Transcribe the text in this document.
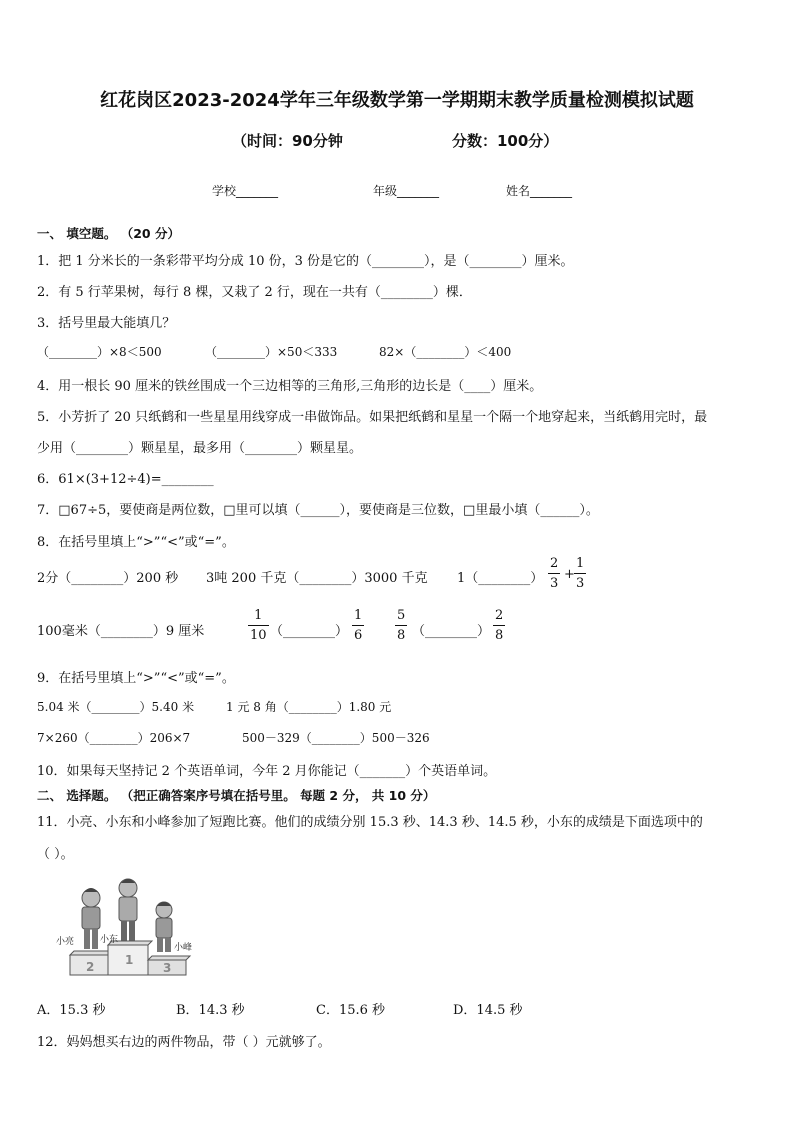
红花岗区2023-2024学年三年级数学第一学期期末教学质量检测模拟试题
（时间：90分钟	分数：100分）
学校_______	年级_______	姓名_______
一、 填空题。 （20 分）
1．把 1 分米长的一条彩带平均分成 10 份，3 份是它的（________），是（________）厘米。
2．有 5 行苹果树，每行 8 棵，又栽了 2 行，现在一共有（________）棵．
3．括号里最大能填几？
（________）×8＜500	（________）×50＜333	82×（________）＜400
4．用一根长 90 厘米的铁丝围成一个三边相等的三角形,三角形的边长是（____）厘米。
5．小芳折了 20 只纸鹤和一些星星用线穿成一串做饰品。如果把纸鹤和星星一个隔一个地穿起来，当纸鹤用完时，最
少用（________）颗星星，最多用（________）颗星星。
6．61×(3+12÷4)=________
7．□67÷5，要使商是两位数，□里可以填（______），要使商是三位数，□里最小填（______）。
8．在括号里填上“>”“<”或“=”。
2分（________）200 秒 3吨 200 千克（________）3000 千克 1（________）
2
3
+
1
3
100毫米（________）9 厘米
1
10 （________）
1
6
5
8 （________）
2
8
9．在括号里填上“>”“<”或“=”。
5.04 米（________）5.40 米	1 元 8 角（________）1.80 元
7×260（________）206×7	500－329（________）500－326
10．如果每天坚持记 2 个英语单词，今年 2 月你能记（_______）个英语单词。
二、 选择题。 （把正确答案序号填在括号里。 每题 2 分， 共 10 分）
11．小亮、小东和小峰参加了短跑比赛。他们的成绩分别 15.3 秒、14.3 秒、14.5 秒，小东的成绩是下面选项中的
（ ）。
2	1
3
小亮	小东
小峰
A．15.3 秒	B．14.3 秒	C．15.6 秒	D．14.5 秒
12．妈妈想买右边的两件物品，带（ ）元就够了。
